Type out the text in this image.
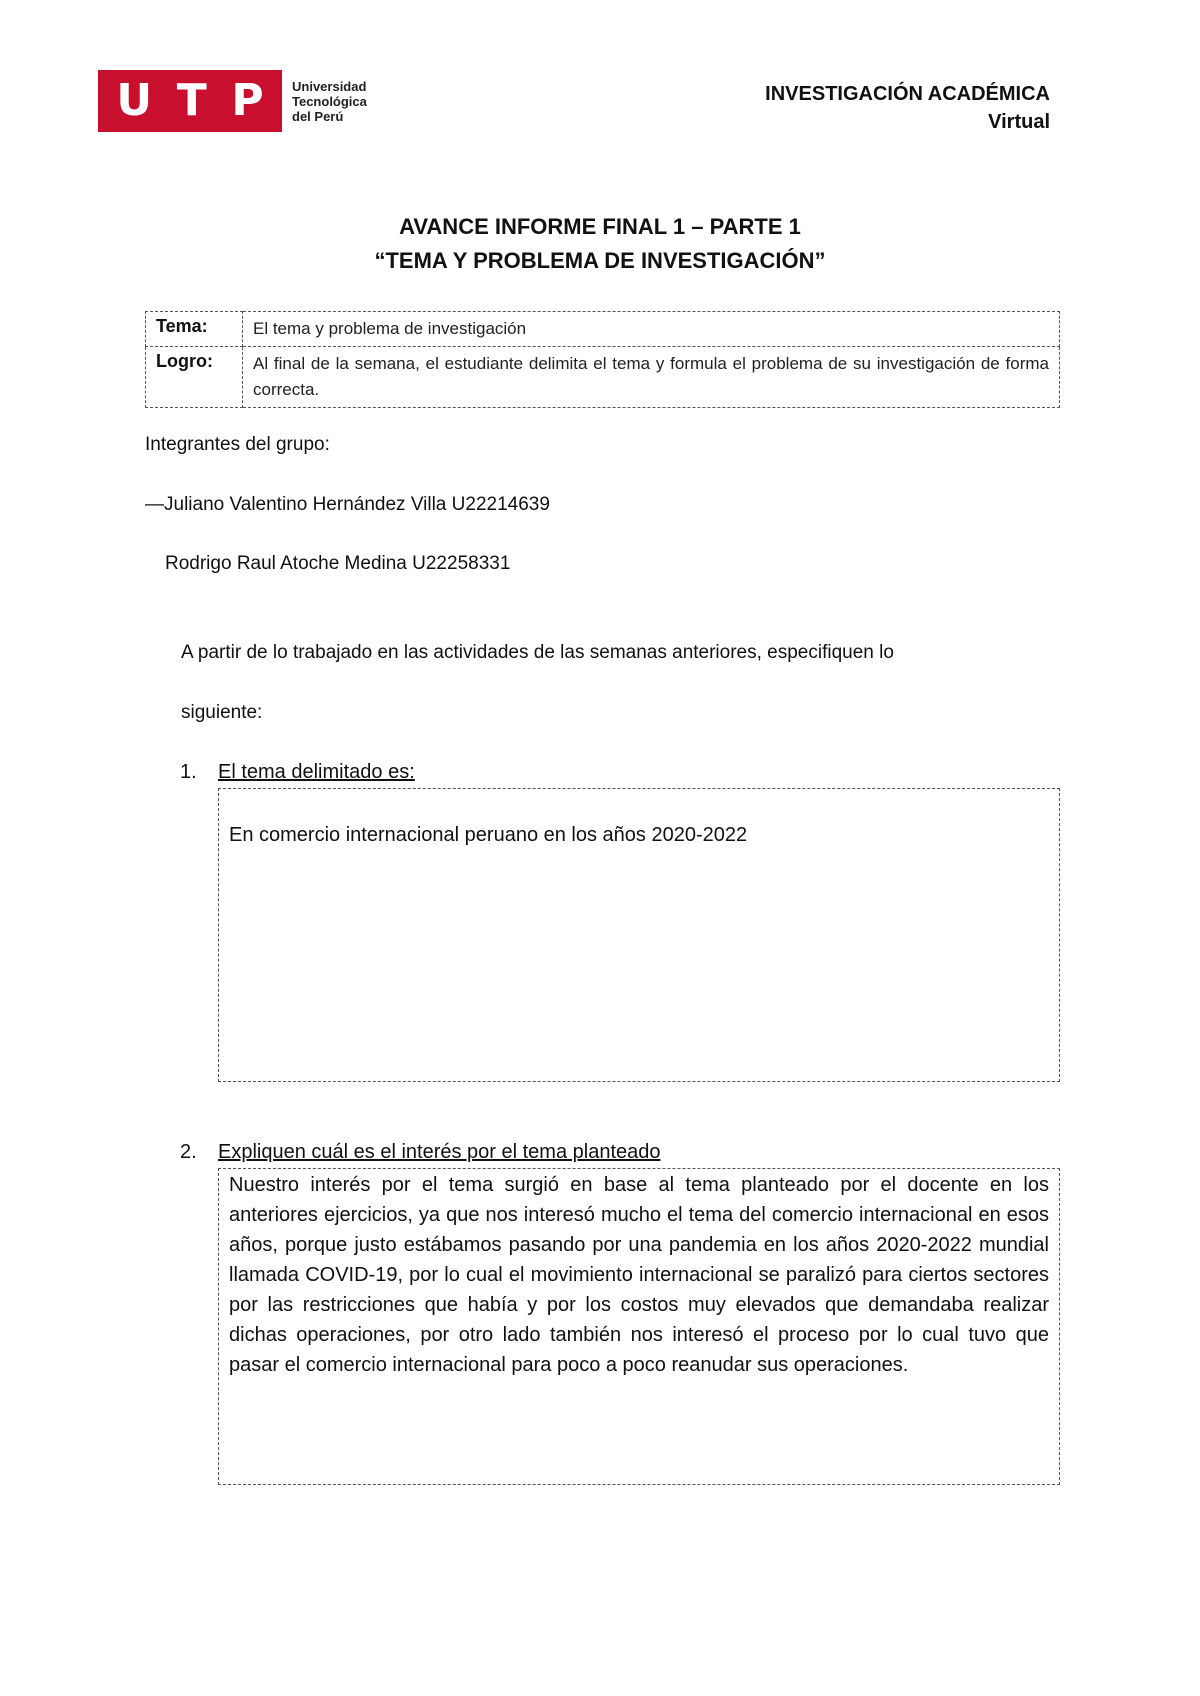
U T P Universidad
Tecnológica
del Perú
INVESTIGACIÓN ACADÉMICA
Virtual
AVANCE INFORME FINAL 1 – PARTE 1
“TEMA Y PROBLEMA DE INVESTIGACIÓN”
Tema:	El tema y problema de investigación
Logro:	Al final de la semana, el estudiante delimita el tema y formula el problema de su investigación de forma correcta.
Integrantes del grupo:
—Juliano Valentino Hernández Villa U22214639
Rodrigo Raul Atoche Medina U22258331
A partir de lo trabajado en las actividades de las semanas anteriores, especifiquen lo
siguiente:
1. El tema delimitado es:
En comercio internacional peruano en los años 2020-2022
2. Expliquen cuál es el interés por el tema planteado
Nuestro interés por el tema surgió en base al tema planteado por el docente en los anteriores ejercicios, ya que nos interesó mucho el tema del comercio internacional en esos años, porque justo estábamos pasando por una pandemia en los años 2020-2022 mundial llamada COVID-19, por lo cual el movimiento internacional se paralizó para ciertos sectores por las restricciones que había y por los costos muy elevados que demandaba realizar dichas operaciones, por otro lado también nos interesó el proceso por lo cual tuvo que pasar el comercio internacional para poco a poco reanudar sus operaciones.
